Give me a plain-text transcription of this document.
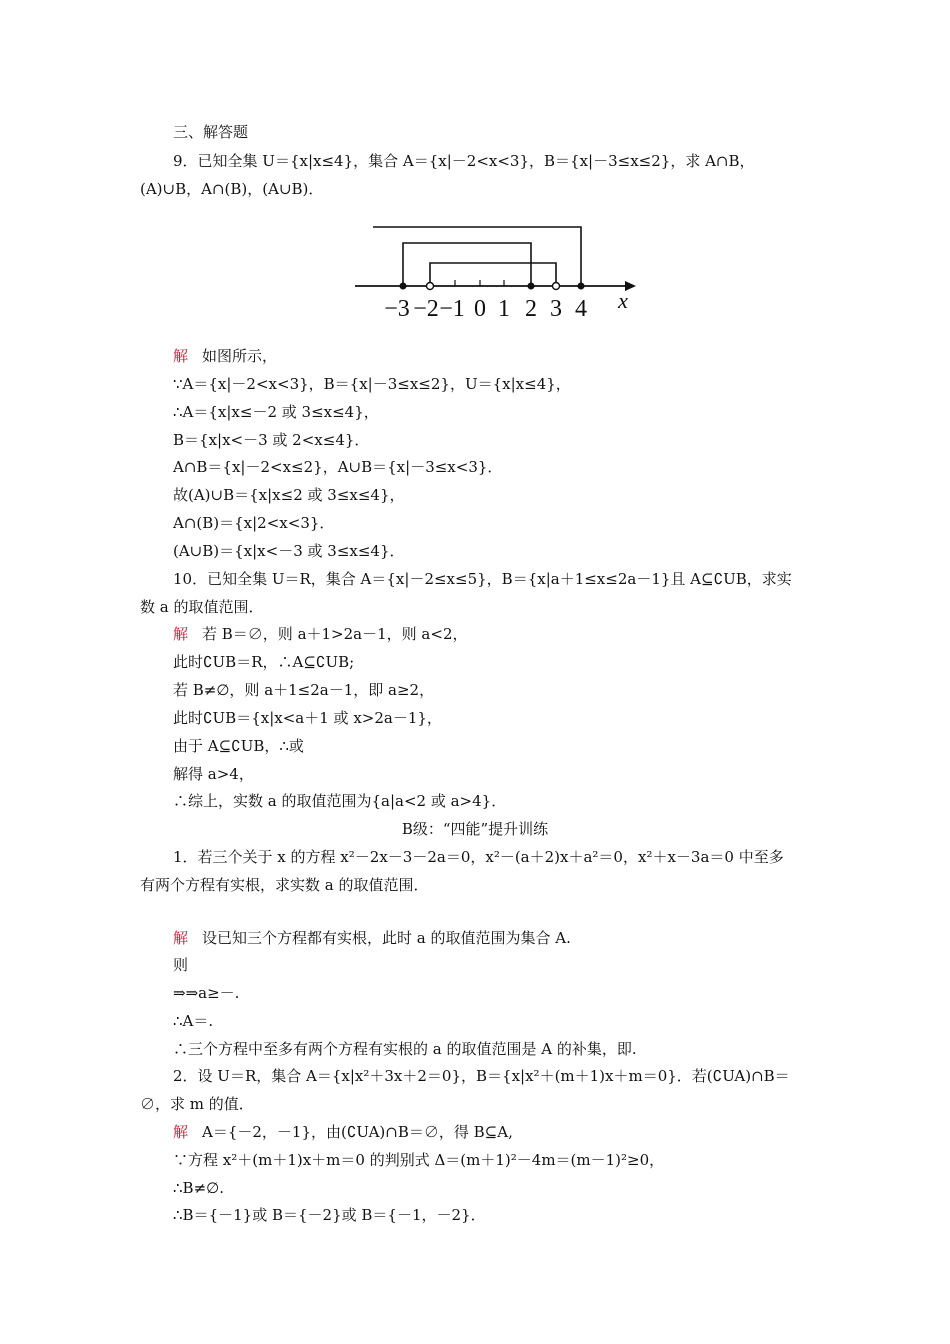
三、解答题
9．已知全集 U＝{x|x≤4}，集合 A＝{x|－2<x<3}，B＝{x|－3≤x≤2}，求 A∩B，
(A)∪B，A∩(B)，(A∪B)．
−3 −2 −1 0 1 2 3 4 x
解 如图所示，
∵A＝{x|－2<x<3}，B＝{x|－3≤x≤2}，U＝{x|x≤4}，
∴A＝{x|x≤－2 或 3≤x≤4}，
B＝{x|x<－3 或 2<x≤4}．
A∩B＝{x|－2<x≤2}，A∪B＝{x|－3≤x<3}．
故(A)∪B＝{x|x≤2 或 3≤x≤4}，
A∩(B)＝{x|2<x<3}．
(A∪B)＝{x|x<－3 或 3≤x≤4}．
10．已知全集 U＝R，集合 A＝{x|－2≤x≤5}，B＝{x|a＋1≤x≤2a－1}且 A⊆∁UB，求实
数 a 的取值范围．
解 若 B＝∅，则 a＋1>2a－1，则 a<2，
此时∁UB＝R，∴A⊆∁UB;
若 B≠∅，则 a＋1≤2a－1，即 a≥2，
此时∁UB＝{x|x<a＋1 或 x>2a－1}，
由于 A⊆∁UB，∴或
解得 a>4，
∴综上，实数 a 的取值范围为{a|a<2 或 a>4}．
B级：“四能”提升训练
1．若三个关于 x 的方程 x²－2x－3－2a＝0，x²－(a＋2)x＋a²＝0，x²＋x－3a＝0 中至多
有两个方程有实根，求实数 a 的取值范围．
解 设已知三个方程都有实根，此时 a 的取值范围为集合 A.
则
⇒⇒a≥－.
∴A＝.
∴三个方程中至多有两个方程有实根的 a 的取值范围是 A 的补集，即.
2．设 U＝R，集合 A＝{x|x²＋3x＋2＝0}，B＝{x|x²＋(m＋1)x＋m＝0}．若(∁UA)∩B＝
∅，求 m 的值．
解 A＝{－2，－1}，由(∁UA)∩B＝∅，得 B⊆A,
∵方程 x²＋(m＋1)x＋m＝0 的判别式 Δ＝(m＋1)²－4m＝(m－1)²≥0，
∴B≠∅.
∴B＝{－1}或 B＝{－2}或 B＝{－1，－2}．
